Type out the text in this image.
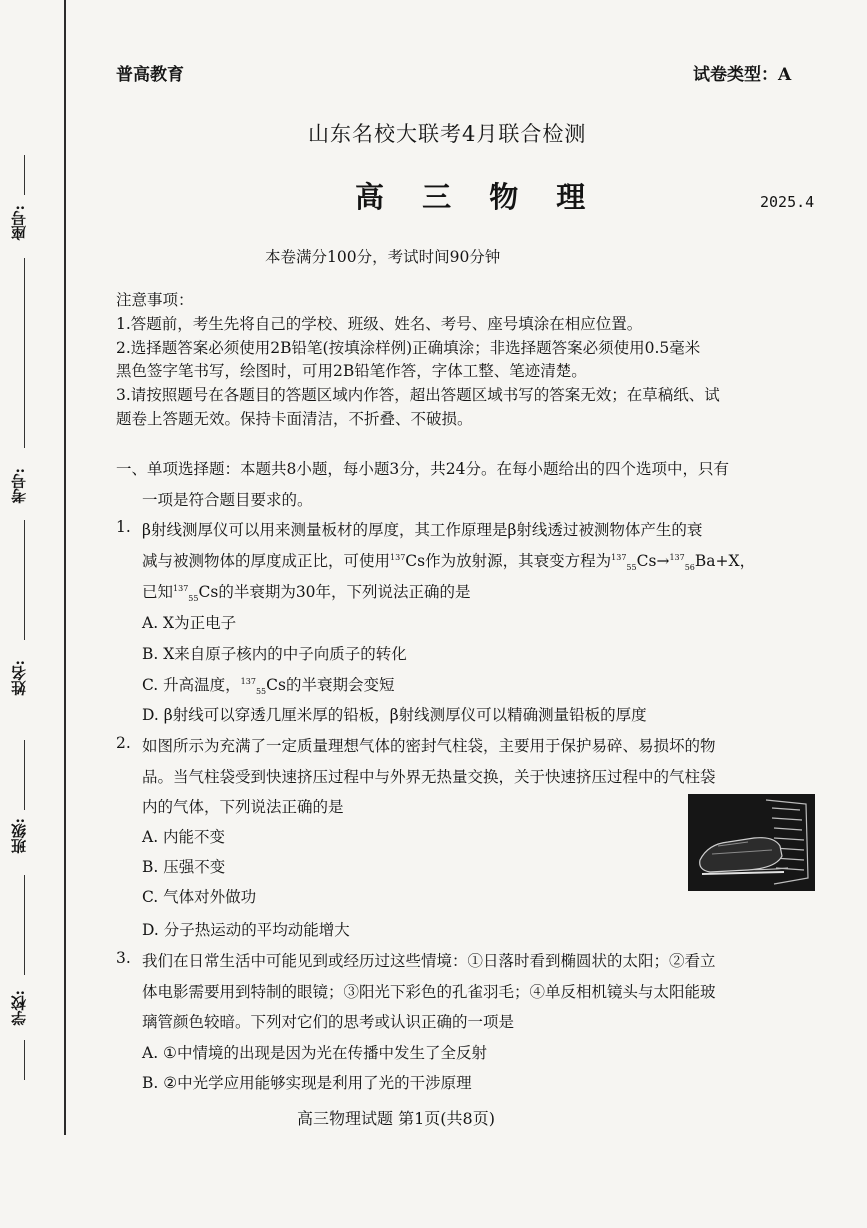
座号:
考号:
姓名:
班级:
学校:
普高教育	试卷类型：A
山东名校大联考4月联合检测
高 三 物 理	2025.4
本卷满分100分，考试时间90分钟
注意事项：
1.答题前，考生先将自己的学校、班级、姓名、考号、座号填涂在相应位置。
2.选择题答案必须使用2B铅笔(按填涂样例)正确填涂；非选择题答案必须使用0.5毫米
黑色签字笔书写，绘图时，可用2B铅笔作答，字体工整、笔迹清楚。
3.请按照题号在各题目的答题区域内作答，超出答题区域书写的答案无效；在草稿纸、试
题卷上答题无效。保持卡面清洁，不折叠、不破损。
一、单项选择题：本题共8小题，每小题3分，共24分。在每小题给出的四个选项中，只有
一项是符合题目要求的。
1. β射线测厚仪可以用来测量板材的厚度，其工作原理是β射线透过被测物体产生的衰
减与被测物体的厚度成正比，可使用$^{137}$Cs作为放射源，其衰变方程为$^{137}_{55}$Cs→$^{137}_{56}$Ba+X，
已知$^{137}_{55}$Cs的半衰期为30年，下列说法正确的是
A. X为正电子
B. X来自原子核内的中子向质子的转化
C. 升高温度，$^{137}_{55}$Cs的半衰期会变短
D. β射线可以穿透几厘米厚的铅板，β射线测厚仪可以精确测量铅板的厚度
2. 如图所示为充满了一定质量理想气体的密封气柱袋，主要用于保护易碎、易损坏的物
品。当气柱袋受到快速挤压过程中与外界无热量交换，关于快速挤压过程中的气柱袋
内的气体，下列说法正确的是
A. 内能不变
B. 压强不变
C. 气体对外做功
D. 分子热运动的平均动能增大
3. 我们在日常生活中可能见到或经历过这些情境：①日落时看到椭圆状的太阳；②看立
体电影需要用到特制的眼镜；③阳光下彩色的孔雀羽毛；④单反相机镜头与太阳能玻
璃管颜色较暗。下列对它们的思考或认识正确的一项是
A. ①中情境的出现是因为光在传播中发生了全反射
B. ②中光学应用能够实现是利用了光的干涉原理
高三物理试题 第1页(共8页)
